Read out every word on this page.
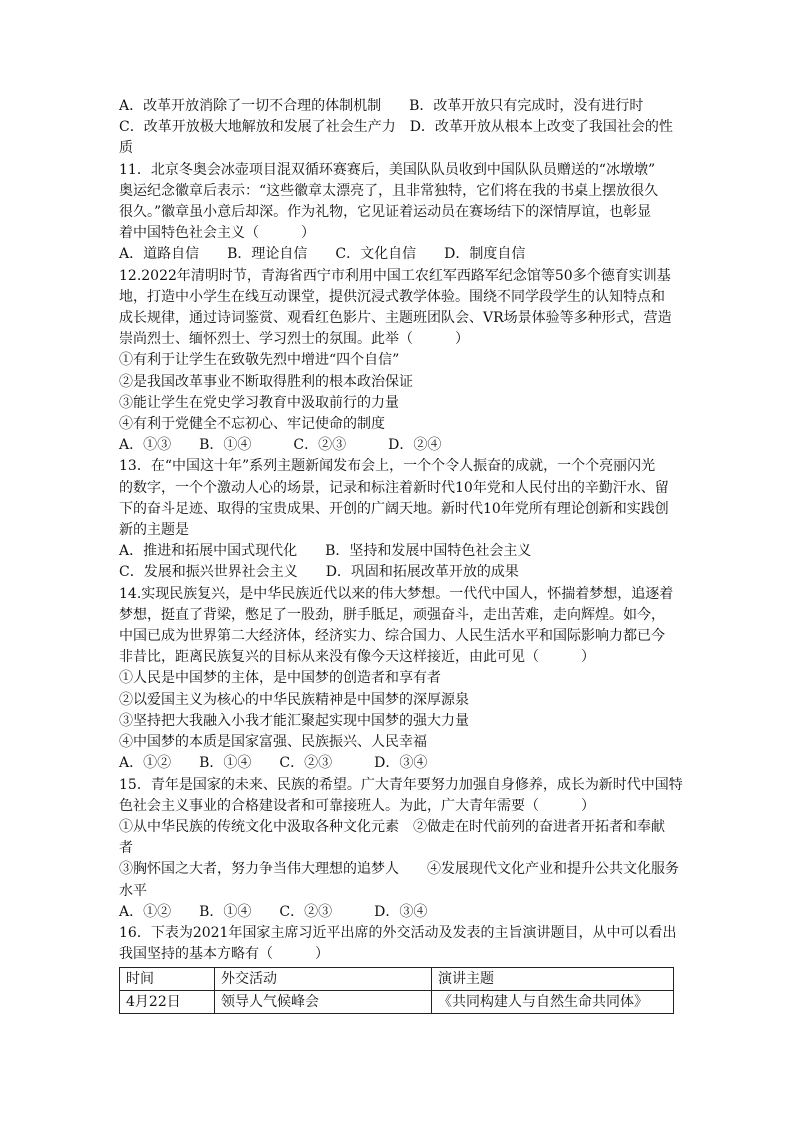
A．改革开放消除了一切不合理的体制机制　　B．改革开放只有完成时，没有进行时
C．改革开放极大地解放和发展了社会生产力　D．改革开放从根本上改变了我国社会的性
质
11．北京冬奥会冰壶项目混双循环赛赛后，美国队队员收到中国队队员赠送的“冰墩墩”
奥运纪念徽章后表示：“这些徽章太漂亮了，且非常独特，它们将在我的书桌上摆放很久
很久。”徽章虽小意后却深。作为礼物，它见证着运动员在赛场结下的深情厚谊，也彰显
着中国特色社会主义（　　　）
A．道路自信　　B．理论自信　　C．文化自信　　D．制度自信
12.2022年清明时节，青海省西宁市利用中国工农红军西路军纪念馆等50多个德育实训基
地，打造中小学生在线互动课堂，提供沉浸式教学体验。围绕不同学段学生的认知特点和
成长规律，通过诗词鉴赏、观看红色影片、主题班团队会、VR场景体验等多种形式，营造
崇尚烈士、缅怀烈士、学习烈士的氛围。此举（　　　）
①有利于让学生在致敬先烈中增进“四个自信”
②是我国改革事业不断取得胜利的根本政治保证
③能让学生在党史学习教育中汲取前行的力量
④有利于党健全不忘初心、牢记使命的制度
A．①③　　B．①④　　　C．②③　　　D．②④
13．在“中国这十年”系列主题新闻发布会上，一个个令人振奋的成就，一个个亮丽闪光
的数字，一个个激动人心的场景，记录和标注着新时代10年党和人民付出的辛勤汗水、留
下的奋斗足迹、取得的宝贵成果、开创的广阔天地。新时代10年党所有理论创新和实践创
新的主题是
A．推进和拓展中国式现代化　　B．坚持和发展中国特色社会主义
C．发展和振兴世界社会主义　　D．巩固和拓展改革开放的成果
14.实现民族复兴，是中华民族近代以来的伟大梦想。一代代中国人，怀揣着梦想，追逐着
梦想，挺直了背梁，憋足了一股劲，胼手胝足，顽强奋斗，走出苦难，走向辉煌。如今，
中国已成为世界第二大经济体，经济实力、综合国力、人民生活水平和国际影响力都已今
非昔比，距离民族复兴的目标从来没有像今天这样接近，由此可见（　　　）
①人民是中国梦的主体，是中国梦的创造者和享有者
②以爱国主义为核心的中华民族精神是中国梦的深厚源泉
③坚持把大我融入小我才能汇聚起实现中国梦的强大力量
④中国梦的本质是国家富强、民族振兴、人民幸福
A．①②　　B．①④　　C．②③　　　D．③④
15．青年是国家的未来、民族的希望。广大青年要努力加强自身修养，成长为新时代中国特
色社会主义事业的合格建设者和可靠接班人。为此，广大青年需要（　　　）
①从中华民族的传统文化中汲取各种文化元素　②做走在时代前列的奋进者开拓者和奉献
者
③胸怀国之大者，努力争当伟大理想的追梦人　　④发展现代文化产业和提升公共文化服务
水平
A．①②　　B．①④　　C．②③　　　D．③④
16．下表为2021年国家主席习近平出席的外交活动及发表的主旨演讲题目，从中可以看出
我国坚持的基本方略有（　　　）
时间	外交活动	演讲主题
4月22日	领导人气候峰会	《共同构建人与自然生命共同体》
